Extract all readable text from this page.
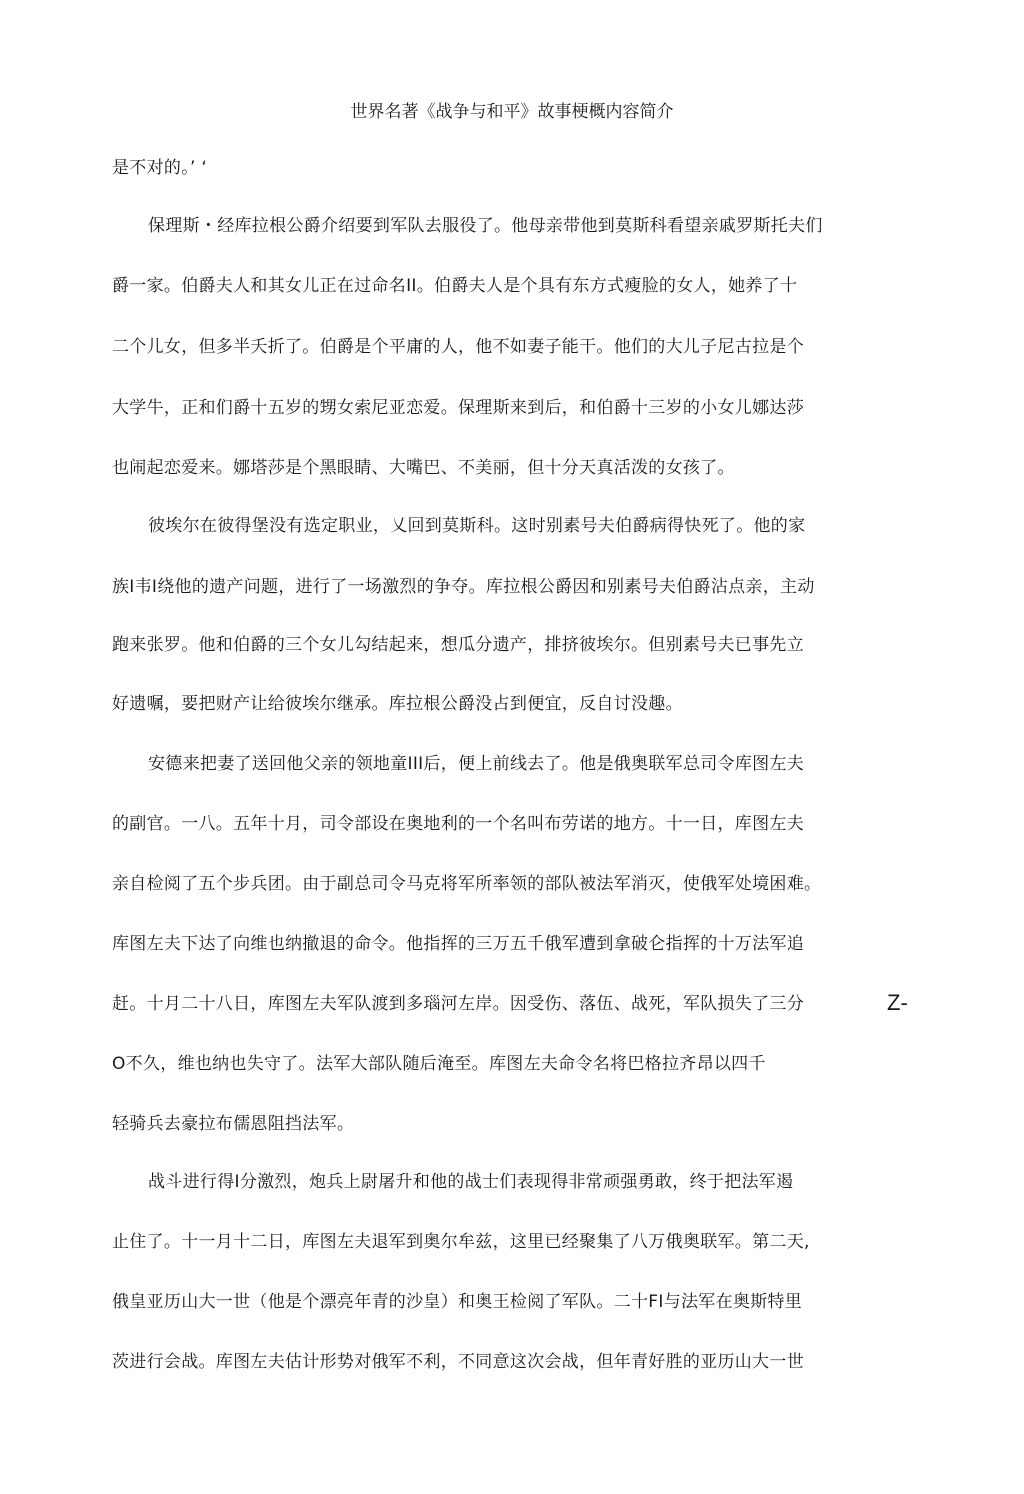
世界名著《战争与和平》故事梗概内容简介
是不对的。’ ‘
保理斯・经库拉根公爵介绍要到军队去服役了。他母亲带他到莫斯科看望亲戚罗斯托夫们
爵一家。伯爵夫人和其女儿正在过命名II。伯爵夫人是个具有东方式瘦脸的女人，她养了十
二个儿女，但多半夭折了。伯爵是个平庸的人，他不如妻子能干。他们的大儿子尼古拉是个
大学牛，正和们爵十五岁的甥女索尼亚恋爱。保理斯来到后，和伯爵十三岁的小女儿娜达莎
也闹起恋爱来。娜塔莎是个黑眼睛、大嘴巴、不美丽，但十分天真活泼的女孩了。
彼埃尔在彼得堡没有选定职业，乂回到莫斯科。这时别素号夫伯爵病得快死了。他的家
族I韦I绕他的遗产问题，进行了一场激烈的争夺。库拉根公爵因和别素号夫伯爵沾点亲，主动
跑来张罗。他和伯爵的三个女儿勾结起来，想瓜分遗产，排挤彼埃尔。但别素号夫已事先立
好遗嘱，要把财产让给彼埃尔继承。库拉根公爵没占到便宜，反自讨没趣。
安德来把妻了送回他父亲的领地童III后，便上前线去了。他是俄奥联军总司令库图左夫
的副官。一八。五年十月，司令部设在奥地利的一个名叫布劳诺的地方。十一日，库图左夫
亲自检阅了五个步兵团。由于副总司令马克将军所率领的部队被法军消灭，使俄军处境困难。
库图左夫下达了向维也纳撤退的命令。他指挥的三万五千俄军遭到拿破仑指挥的十万法军追
赶。十月二十八日，库图左夫军队渡到多瑙河左岸。因受伤、落伍、战死，军队损失了三分
O不久，维也纳也失守了。法军大部队随后淹至。库图左夫命令名将巴格拉齐昂以四千
轻骑兵去豪拉布儒恩阻挡法军。
战斗进行得I分激烈，炮兵上尉屠升和他的战士们表现得非常顽强勇敢，终于把法军遏
止住了。十一月十二日，库图左夫退军到奥尔牟兹，这里已经聚集了八万俄奥联军。第二天,
俄皇亚历山大一世（他是个漂亮年青的沙皇）和奥王检阅了军队。二十FI与法军在奥斯特里
茨进行会战。库图左夫估计形势对俄军不利，不同意这次会战，但年青好胜的亚历山大一世
Z-
